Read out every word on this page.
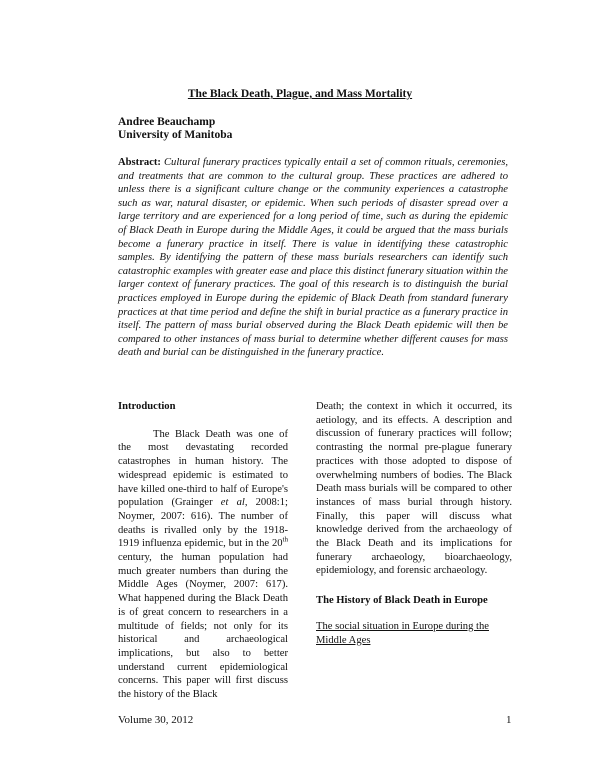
The Black Death, Plague, and Mass Mortality
Andree Beauchamp
University of Manitoba
Abstract: Cultural funerary practices typically entail a set of common rituals, ceremonies, and treatments that are common to the cultural group. These practices are adhered to unless there is a significant culture change or the community experiences a catastrophe such as war, natural disaster, or epidemic. When such periods of disaster spread over a large territory and are experienced for a long period of time, such as during the epidemic of Black Death in Europe during the Middle Ages, it could be argued that the mass burials become a funerary practice in itself. There is value in identifying these catastrophic samples. By identifying the pattern of these mass burials researchers can identify such catastrophic examples with greater ease and place this distinct funerary situation within the larger context of funerary practices. The goal of this research is to distinguish the burial practices employed in Europe during the epidemic of Black Death from standard funerary practices at that time period and define the shift in burial practice as a funerary practice in itself. The pattern of mass burial observed during the Black Death epidemic will then be compared to other instances of mass burial to determine whether different causes for mass death and burial can be distinguished in the funerary practice.
Introduction

The Black Death was one of the most devastating recorded catastrophes in human history. The widespread epidemic is estimated to have killed one-third to half of Europe's population (Grainger et al, 2008:1; Noymer, 2007: 616). The number of deaths is rivalled only by the 1918-1919 influenza epidemic, but in the 20th century, the human population had much greater numbers than during the Middle Ages (Noymer, 2007: 617). What happened during the Black Death is of great concern to researchers in a multitude of fields; not only for its historical and archaeological implications, but also to better understand current epidemiological concerns. This paper will first discuss the history of the Black

Death; the context in which it occurred, its aetiology, and its effects. A description and discussion of funerary practices will follow; contrasting the normal pre-plague funerary practices with those adopted to dispose of overwhelming numbers of bodies. The Black Death mass burials will be compared to other instances of mass burial through history. Finally, this paper will discuss what knowledge derived from the archaeology of the Black Death and its implications for funerary archaeology, bioarchaeology, epidemiology, and forensic archaeology.

The History of Black Death in Europe
The social situation in Europe during the Middle Ages
Volume 30, 2012	1
